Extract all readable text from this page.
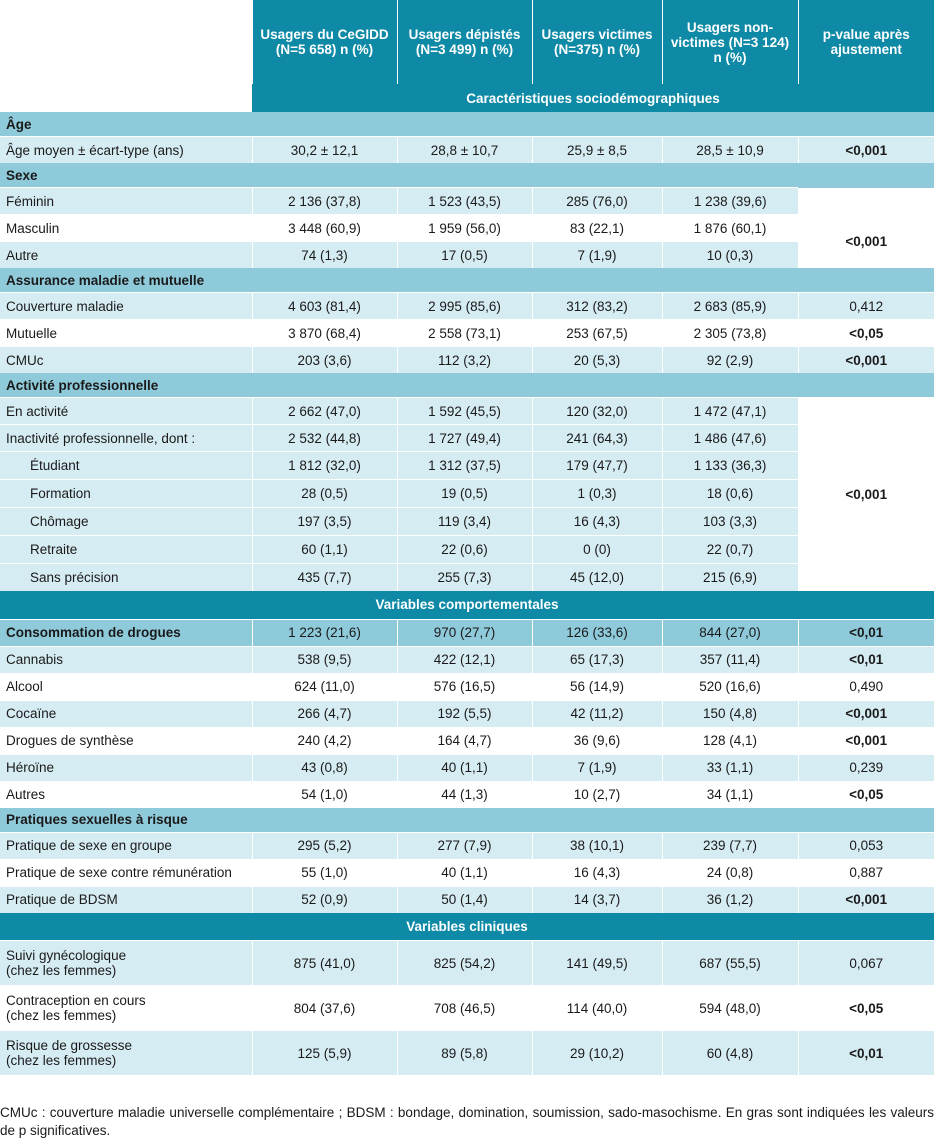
	Usagers du CeGIDD (N=5 658) n (%)	Usagers dépistés (N=3 499) n (%)	Usagers victimes (N=375) n (%)	Usagers non-victimes (N=3 124) n (%)	p-value après ajustement
	Caractéristiques sociodémographiques				
Âge					
Âge moyen ± écart-type (ans)	30,2 ± 12,1	28,8 ± 10,7	25,9 ± 8,5	28,5 ± 10,9	<0,001
Sexe					
Féminin	2 136 (37,8)	1 523 (43,5)	285 (76,0)	1 238 (39,6)	
Masculin	3 448 (60,9)	1 959 (56,0)	83 (22,1)	1 876 (60,1)	<0,001
Autre	74 (1,3)	17 (0,5)	7 (1,9)	10 (0,3)	
Assurance maladie et mutuelle					
Couverture maladie	4 603 (81,4)	2 995 (85,6)	312 (83,2)	2 683 (85,9)	0,412
Mutuelle	3 870 (68,4)	2 558 (73,1)	253 (67,5)	2 305 (73,8)	<0,05
CMUc	203 (3,6)	112 (3,2)	20 (5,3)	92 (2,9)	<0,001
Activité professionnelle					
En activité	2 662 (47,0)	1 592 (45,5)	120 (32,0)	1 472 (47,1)	<0,001
Inactivité professionnelle, dont :	2 532 (44,8)	1 727 (49,4)	241 (64,3)	1 486 (47,6)	
Étudiant	1 812 (32,0)	1 312 (37,5)	179 (47,7)	1 133 (36,3)	
Formation	28 (0,5)	19 (0,5)	1 (0,3)	18 (0,6)	
Chômage	197 (3,5)	119 (3,4)	16 (4,3)	103 (3,3)	
Retraite	60 (1,1)	22 (0,6)	0 (0)	22 (0,7)	
Sans précision	435 (7,7)	255 (7,3)	45 (12,0)	215 (6,9)	
Variables comportementales					
Consommation de drogues	1 223 (21,6)	970 (27,7)	126 (33,6)	844 (27,0)	<0,01
Cannabis	538 (9,5)	422 (12,1)	65 (17,3)	357 (11,4)	<0,01
Alcool	624 (11,0)	576 (16,5)	56 (14,9)	520 (16,6)	0,490
Cocaïne	266 (4,7)	192 (5,5)	42 (11,2)	150 (4,8)	<0,001
Drogues de synthèse	240 (4,2)	164 (4,7)	36 (9,6)	128 (4,1)	<0,001
Héroïne	43 (0,8)	40 (1,1)	7 (1,9)	33 (1,1)	0,239
Autres	54 (1,0)	44 (1,3)	10 (2,7)	34 (1,1)	<0,05
Pratiques sexuelles à risque					
Pratique de sexe en groupe	295 (5,2)	277 (7,9)	38 (10,1)	239 (7,7)	0,053
Pratique de sexe contre rémunération	55 (1,0)	40 (1,1)	16 (4,3)	24 (0,8)	0,887
Pratique de BDSM	52 (0,9)	50 (1,4)	14 (3,7)	36 (1,2)	<0,001
Variables cliniques					

Suivi gynécologique
(chez les femmes)	875 (41,0)	825 (54,2)	141 (49,5)	687 (55,5)	0,067

Contraception en cours
(chez les femmes)	804 (37,6)	708 (46,5)	114 (40,0)	594 (48,0)	<0,05

Risque de grossesse
(chez les femmes)	125 (5,9)	89 (5,8)	29 (10,2)	60 (4,8)	<0,01
CMUc : couverture maladie universelle complémentaire ; BDSM : bondage, domination, soumission, sado-masochisme. En gras sont indiquées les valeurs de p significatives.
